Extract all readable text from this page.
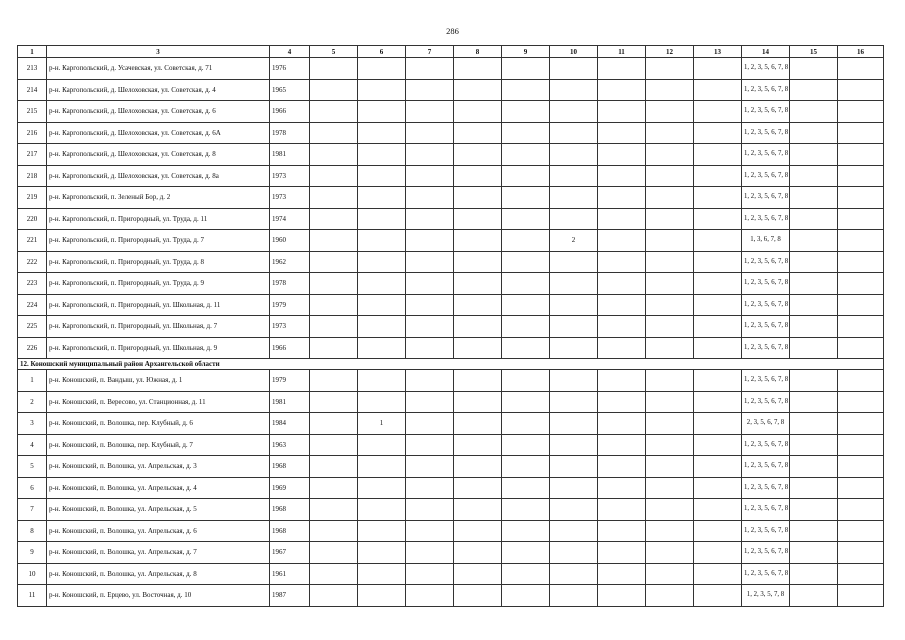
286
1	3	4	5	6	7	8	9	10	11	12	13	14	15	16
213	р-н. Каргопольский, д. Усачевская, ул. Советская, д. 71	1976										1, 2, 3, 5, 6, 7, 8		
214	р-н. Каргопольский, д. Шелоховская, ул. Советская, д. 4	1965										1, 2, 3, 5, 6, 7, 8		
215	р-н. Каргопольский, д. Шелоховская, ул. Советская, д. 6	1966										1, 2, 3, 5, 6, 7, 8		
216	р-н. Каргопольский, д. Шелоховская, ул. Советская, д. 6А	1978										1, 2, 3, 5, 6, 7, 8		
217	р-н. Каргопольский, д. Шелоховская, ул. Советская, д. 8	1981										1, 2, 3, 5, 6, 7, 8		
218	р-н. Каргопольский, д. Шелоховская, ул. Советская, д. 8а	1973										1, 2, 3, 5, 6, 7, 8		
219	р-н. Каргопольский, п. Зеленый Бор, д. 2	1973										1, 2, 3, 5, 6, 7, 8		
220	р-н. Каргопольский, п. Пригородный, ул. Труда, д. 11	1974										1, 2, 3, 5, 6, 7, 8		
221	р-н. Каргопольский, п. Пригородный, ул. Труда, д. 7	1960						2				1, 3, 6, 7, 8		
222	р-н. Каргопольский, п. Пригородный, ул. Труда, д. 8	1962										1, 2, 3, 5, 6, 7, 8		
223	р-н. Каргопольский, п. Пригородный, ул. Труда, д. 9	1978										1, 2, 3, 5, 6, 7, 8		
224	р-н. Каргопольский, п. Пригородный, ул. Школьная, д. 11	1979										1, 2, 3, 5, 6, 7, 8		
225	р-н. Каргопольский, п. Пригородный, ул. Школьная, д. 7	1973										1, 2, 3, 5, 6, 7, 8		
226	р-н. Каргопольский, п. Пригородный, ул. Школьная, д. 9	1966										1, 2, 3, 5, 6, 7, 8		
12. Коношский муниципальный район Архангельской области														
1	р-н. Коношский, п. Вандыш, ул. Южная, д. 1	1979										1, 2, 3, 5, 6, 7, 8		
2	р-н. Коношский, п. Вересово, ул. Станционная, д. 11	1981										1, 2, 3, 5, 6, 7, 8		
3	р-н. Коношский, п. Волошка, пер. Клубный, д. 6	1984		1								2, 3, 5, 6, 7, 8		
4	р-н. Коношский, п. Волошка, пер. Клубный, д. 7	1963										1, 2, 3, 5, 6, 7, 8		
5	р-н. Коношский, п. Волошка, ул. Апрельская, д. 3	1968										1, 2, 3, 5, 6, 7, 8		
6	р-н. Коношский, п. Волошка, ул. Апрельская, д. 4	1969										1, 2, 3, 5, 6, 7, 8		
7	р-н. Коношский, п. Волошка, ул. Апрельская, д. 5	1968										1, 2, 3, 5, 6, 7, 8		
8	р-н. Коношский, п. Волошка, ул. Апрельская, д. 6	1968										1, 2, 3, 5, 6, 7, 8		
9	р-н. Коношский, п. Волошка, ул. Апрельская, д. 7	1967										1, 2, 3, 5, 6, 7, 8		
10	р-н. Коношский, п. Волошка, ул. Апрельская, д. 8	1961										1, 2, 3, 5, 6, 7, 8		
11	р-н. Коношский, п. Ерцево, ул. Восточная, д. 10	1987										1, 2, 3, 5, 7, 8		
